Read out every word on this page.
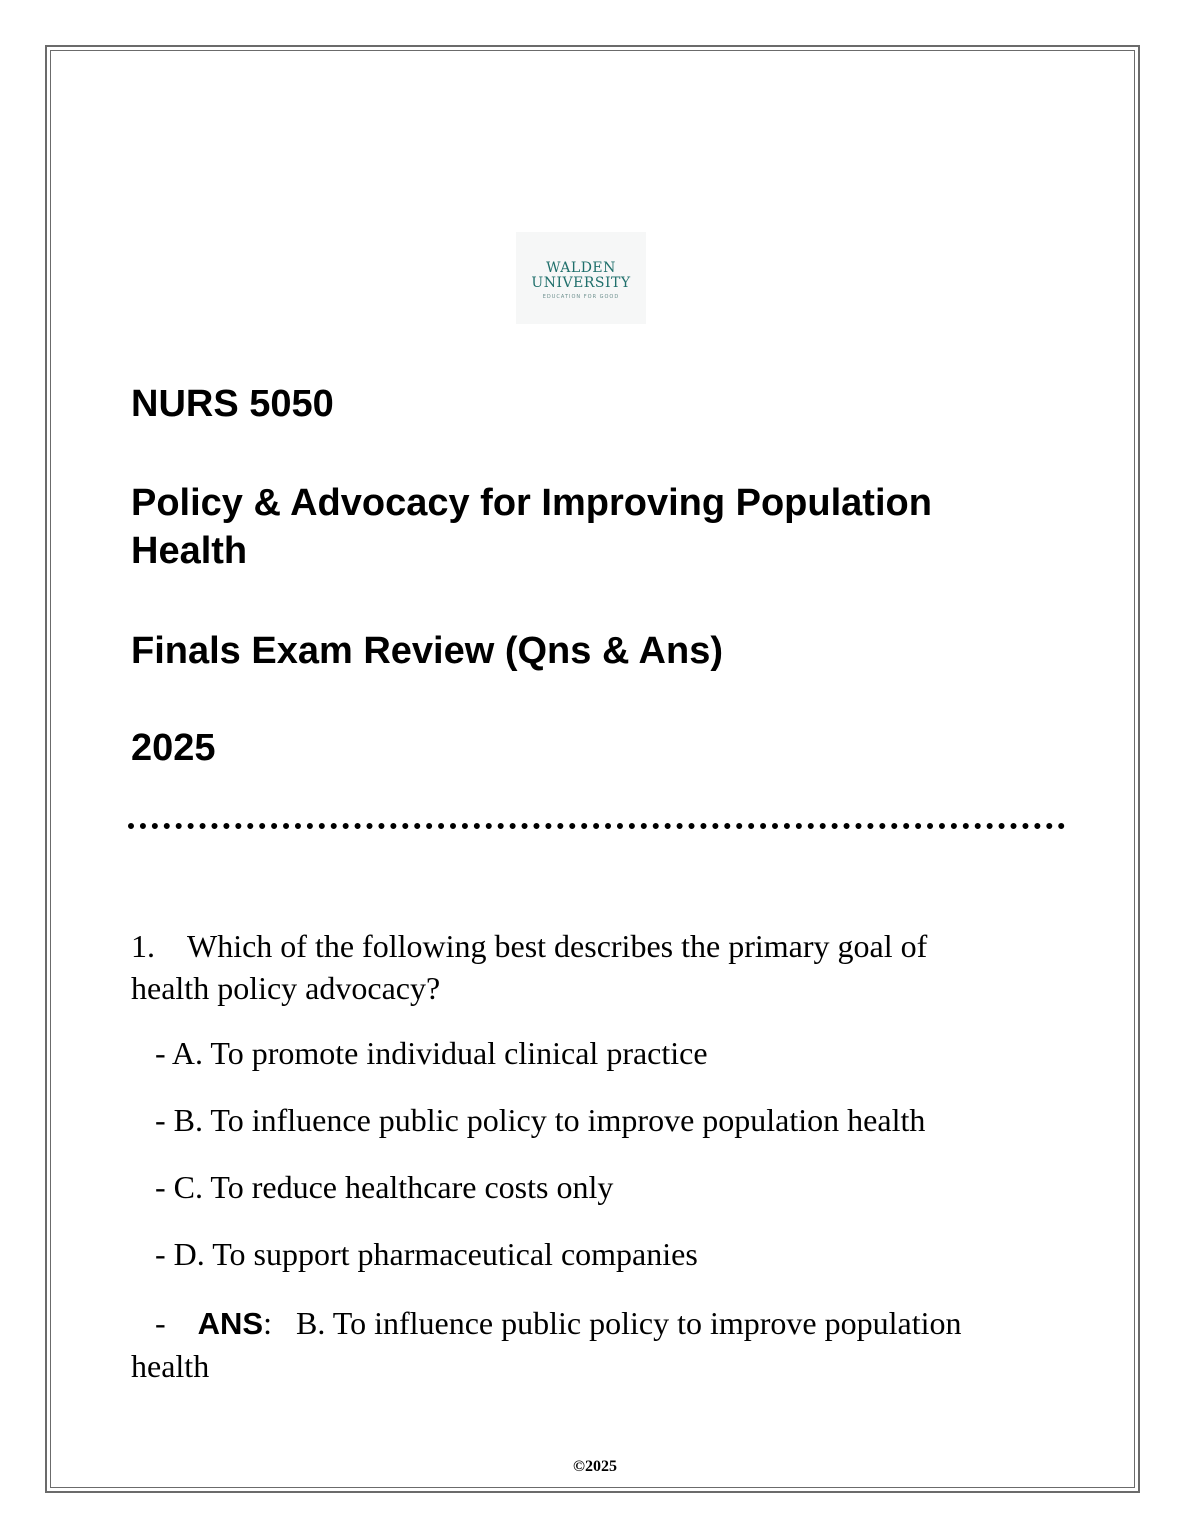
WALDEN
UNIVERSITY
EDUCATION FOR GOOD
NURS 5050
Policy & Advocacy for Improving Population
Health
Finals Exam Review (Qns & Ans)
2025
1. Which of the following best describes the primary goal of
health policy advocacy?
- A. To promote individual clinical practice
- B. To influence public policy to improve population health
- C. To reduce healthcare costs only
- D. To support pharmaceutical companies
- ANS: B. To influence public policy to improve population
health
©2025
